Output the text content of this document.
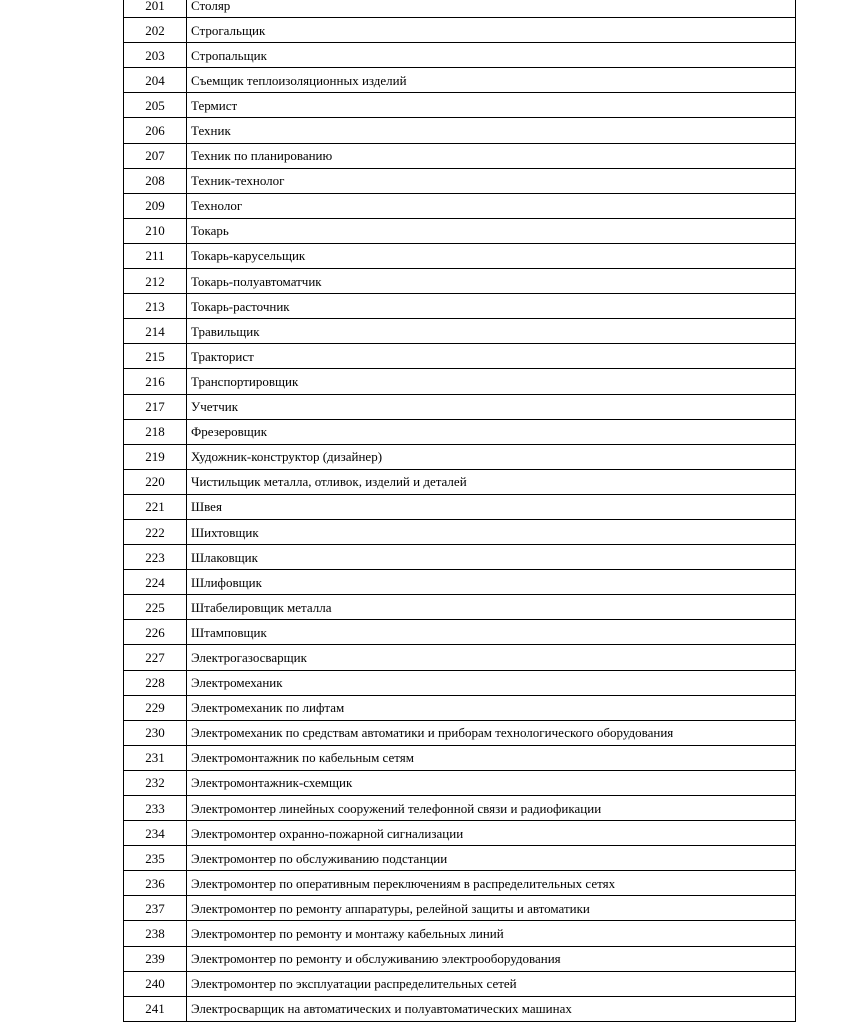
201	Столяр
202	Строгальщик
203	Стропальщик
204	Съемщик теплоизоляционных изделий
205	Термист
206	Техник
207	Техник по планированию
208	Техник-технолог
209	Технолог
210	Токарь
211	Токарь-карусельщик
212	Токарь-полуавтоматчик
213	Токарь-расточник
214	Травильщик
215	Тракторист
216	Транспортировщик
217	Учетчик
218	Фрезеровщик
219	Художник-конструктор (дизайнер)
220	Чистильщик металла, отливок, изделий и деталей
221	Швея
222	Шихтовщик
223	Шлаковщик
224	Шлифовщик
225	Штабелировщик металла
226	Штамповщик
227	Электрогазосварщик
228	Электромеханик
229	Электромеханик по лифтам
230	Электромеханик по средствам автоматики и приборам технологического оборудования
231	Электромонтажник по кабельным сетям
232	Электромонтажник-схемщик
233	Электромонтер линейных сооружений телефонной связи и радиофикации
234	Электромонтер охранно-пожарной сигнализации
235	Электромонтер по обслуживанию подстанции
236	Электромонтер по оперативным переключениям в распределительных сетях
237	Электромонтер по ремонту аппаратуры, релейной защиты и автоматики
238	Электромонтер по ремонту и монтажу кабельных линий
239	Электромонтер по ремонту и обслуживанию электрооборудования
240	Электромонтер по эксплуатации распределительных сетей
241	Электросварщик на автоматических и полуавтоматических машинах
